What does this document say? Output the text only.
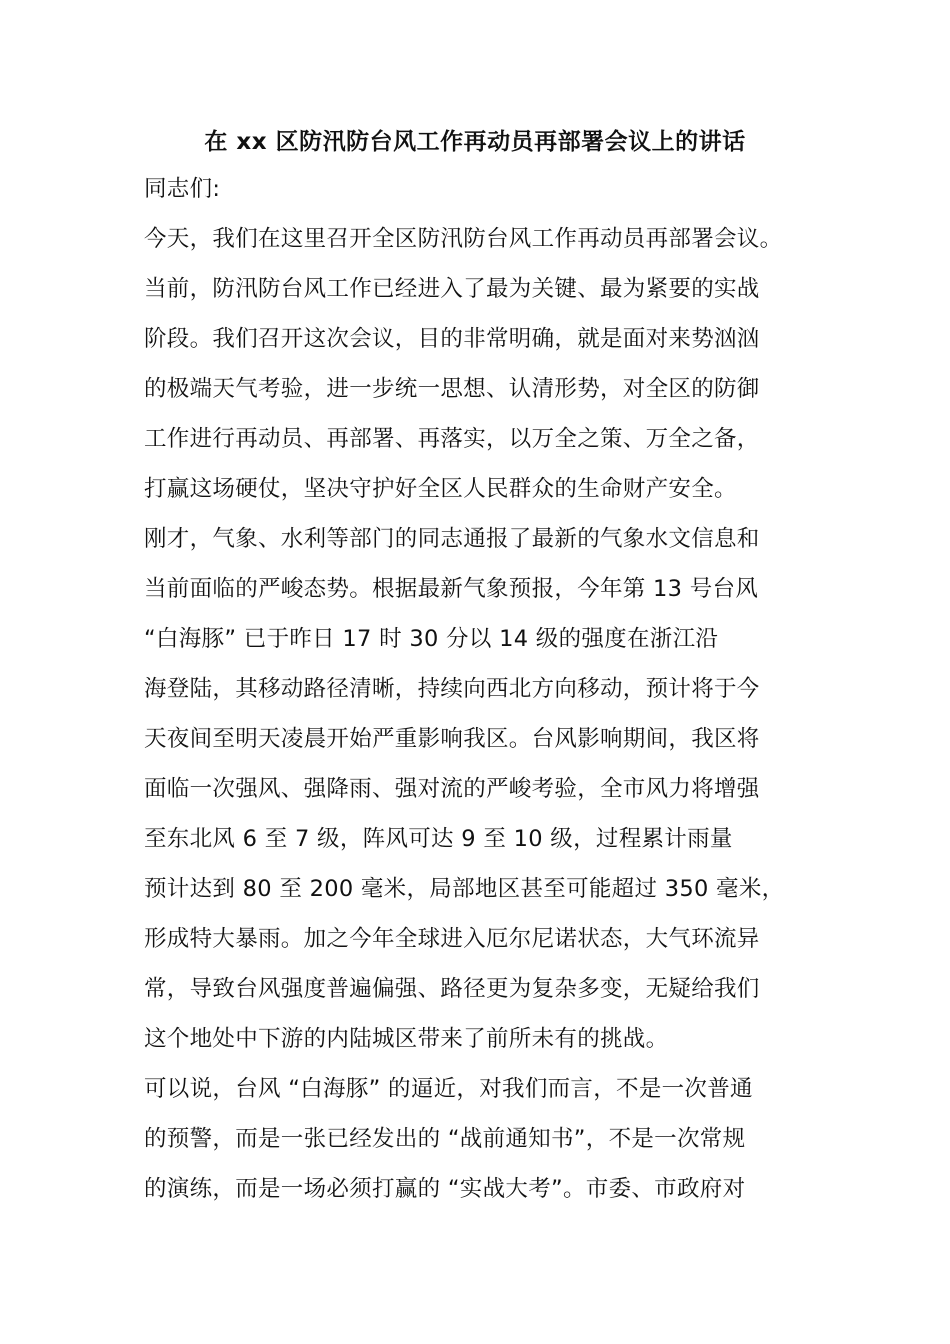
在 xx 区防汛防台风工作再动员再部署会议上的讲话
同志们:
今天，我们在这里召开全区防汛防台风工作再动员再部署会议。
当前，防汛防台风工作已经进入了最为关键、最为紧要的实战
阶段。我们召开这次会议，目的非常明确，就是面对来势汹汹
的极端天气考验，进一步统一思想、认清形势，对全区的防御
工作进行再动员、再部署、再落实，以万全之策、万全之备，
打赢这场硬仗，坚决守护好全区人民群众的生命财产安全。
刚才，气象、水利等部门的同志通报了最新的气象水文信息和
当前面临的严峻态势。根据最新气象预报，今年第 13 号台风
“白海豚” 已于昨日 17 时 30 分以 14 级的强度在浙江沿
海登陆，其移动路径清晰，持续向西北方向移动，预计将于今
天夜间至明天凌晨开始严重影响我区。台风影响期间，我区将
面临一次强风、强降雨、强对流的严峻考验，全市风力将增强
至东北风 6 至 7 级，阵风可达 9 至 10 级，过程累计雨量
预计达到 80 至 200 毫米，局部地区甚至可能超过 350 毫米，
形成特大暴雨。加之今年全球进入厄尔尼诺状态，大气环流异
常，导致台风强度普遍偏强、路径更为复杂多变，无疑给我们
这个地处中下游的内陆城区带来了前所未有的挑战。
可以说，台风 “白海豚” 的逼近，对我们而言，不是一次普通
的预警，而是一张已经发出的 “战前通知书”，不是一次常规
的演练，而是一场必须打赢的 “实战大考”。市委、市政府对
